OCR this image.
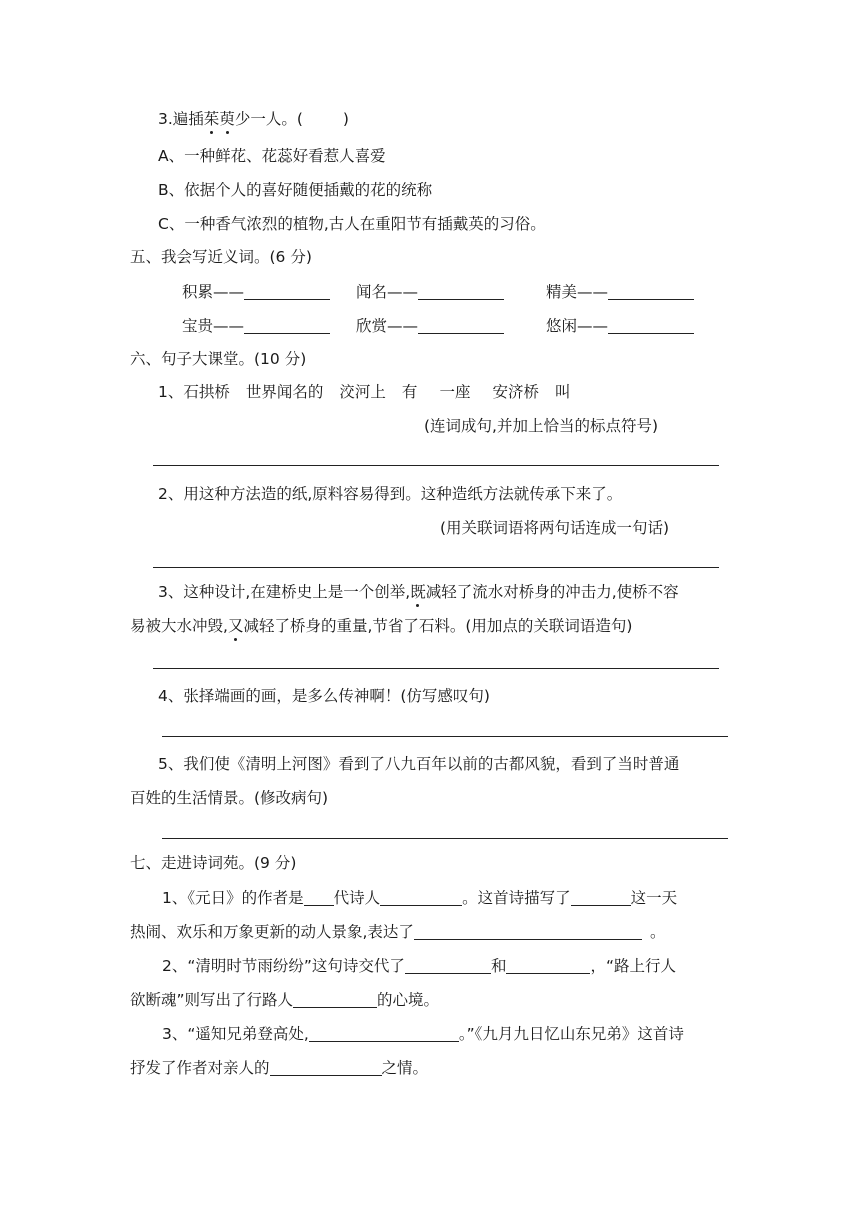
3.遍插茱萸少一人。(	)
A、一种鲜花、花蕊好看惹人喜爱
B、依据个人的喜好随便插戴的花的统称
C、一种香气浓烈的植物,古人在重阳节有插戴英的习俗。
五、我会写近义词。(6 分)
积累——	闻名——	精美——
宝贵——	欣赏——	悠闲——
六、句子大课堂。(10 分)
1、石拱桥 世界闻名的 洨河上 有 一座 安济桥 叫
(连词成句,并加上恰当的标点符号)
2、用这种方法造的纸,原料容易得到。这种造纸方法就传承下来了。
(用关联词语将两句话连成一句话)
3、这种设计,在建桥史上是一个创举,既减轻了流水对桥身的冲击力,使桥不容
易被大水冲毁,又减轻了桥身的重量,节省了石料。(用加点的关联词语造句)
4、张择端画的画，是多么传神啊！(仿写感叹句)
5、我们使《清明上河图》看到了八九百年以前的古都风貌，看到了当时普通
百姓的生活情景。(修改病句)
七、走进诗词苑。(9 分)
1、《元日》的作者是 代诗人	。这首诗描写了	这一天
热闹、欢乐和万象更新的动人景象,表达了	。
2、“清明时节雨纷纷”这句诗交代了	和	，“路上行人
欲断魂”则写出了行路人	的心境。
3、“遥知兄弟登高处,	。”《九月九日忆山东兄弟》这首诗
抒发了作者对亲人的	之情。
